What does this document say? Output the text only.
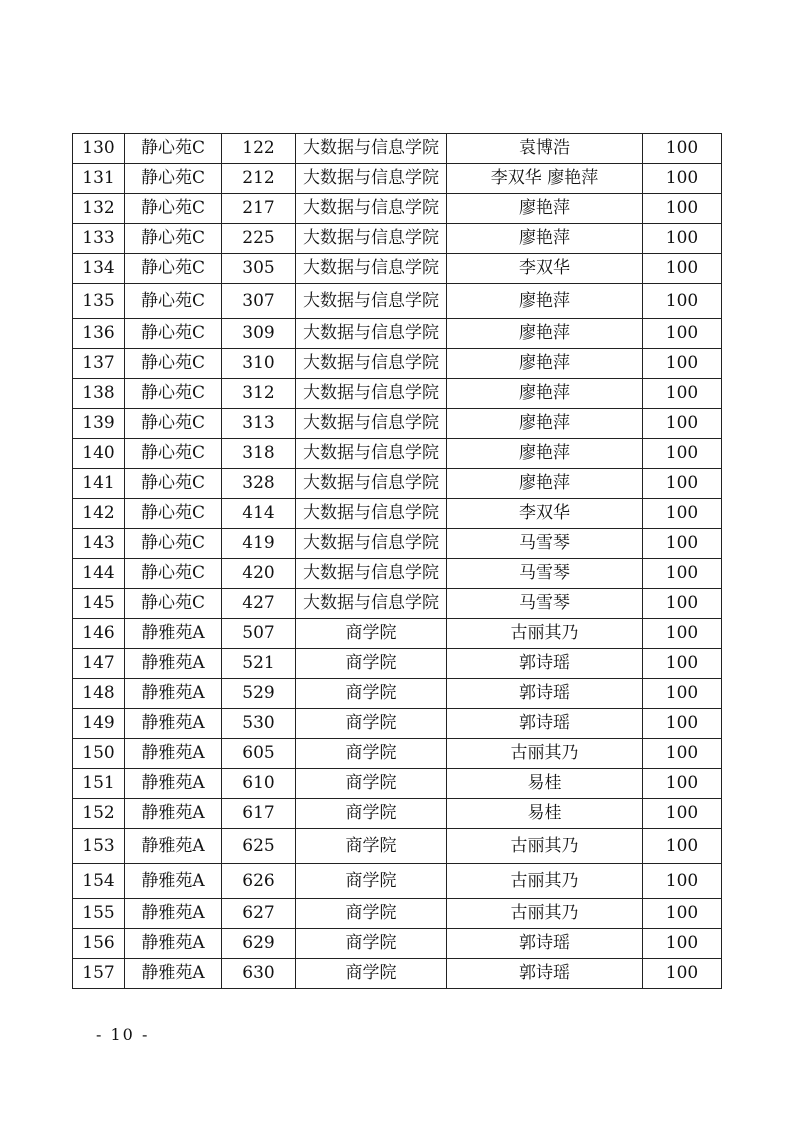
130	静心苑C	122	大数据与信息学院	袁博浩	100
131	静心苑C	212	大数据与信息学院	李双华 廖艳萍	100
132	静心苑C	217	大数据与信息学院	廖艳萍	100
133	静心苑C	225	大数据与信息学院	廖艳萍	100
134	静心苑C	305	大数据与信息学院	李双华	100
135	静心苑C	307	大数据与信息学院	廖艳萍	100
136	静心苑C	309	大数据与信息学院	廖艳萍	100
137	静心苑C	310	大数据与信息学院	廖艳萍	100
138	静心苑C	312	大数据与信息学院	廖艳萍	100
139	静心苑C	313	大数据与信息学院	廖艳萍	100
140	静心苑C	318	大数据与信息学院	廖艳萍	100
141	静心苑C	328	大数据与信息学院	廖艳萍	100
142	静心苑C	414	大数据与信息学院	李双华	100
143	静心苑C	419	大数据与信息学院	马雪琴	100
144	静心苑C	420	大数据与信息学院	马雪琴	100
145	静心苑C	427	大数据与信息学院	马雪琴	100
146	静雅苑A	507	商学院	古丽其乃	100
147	静雅苑A	521	商学院	郭诗瑶	100
148	静雅苑A	529	商学院	郭诗瑶	100
149	静雅苑A	530	商学院	郭诗瑶	100
150	静雅苑A	605	商学院	古丽其乃	100
151	静雅苑A	610	商学院	易桂	100
152	静雅苑A	617	商学院	易桂	100
153	静雅苑A	625	商学院	古丽其乃	100
154	静雅苑A	626	商学院	古丽其乃	100
155	静雅苑A	627	商学院	古丽其乃	100
156	静雅苑A	629	商学院	郭诗瑶	100
157	静雅苑A	630	商学院	郭诗瑶	100
- 10 -
